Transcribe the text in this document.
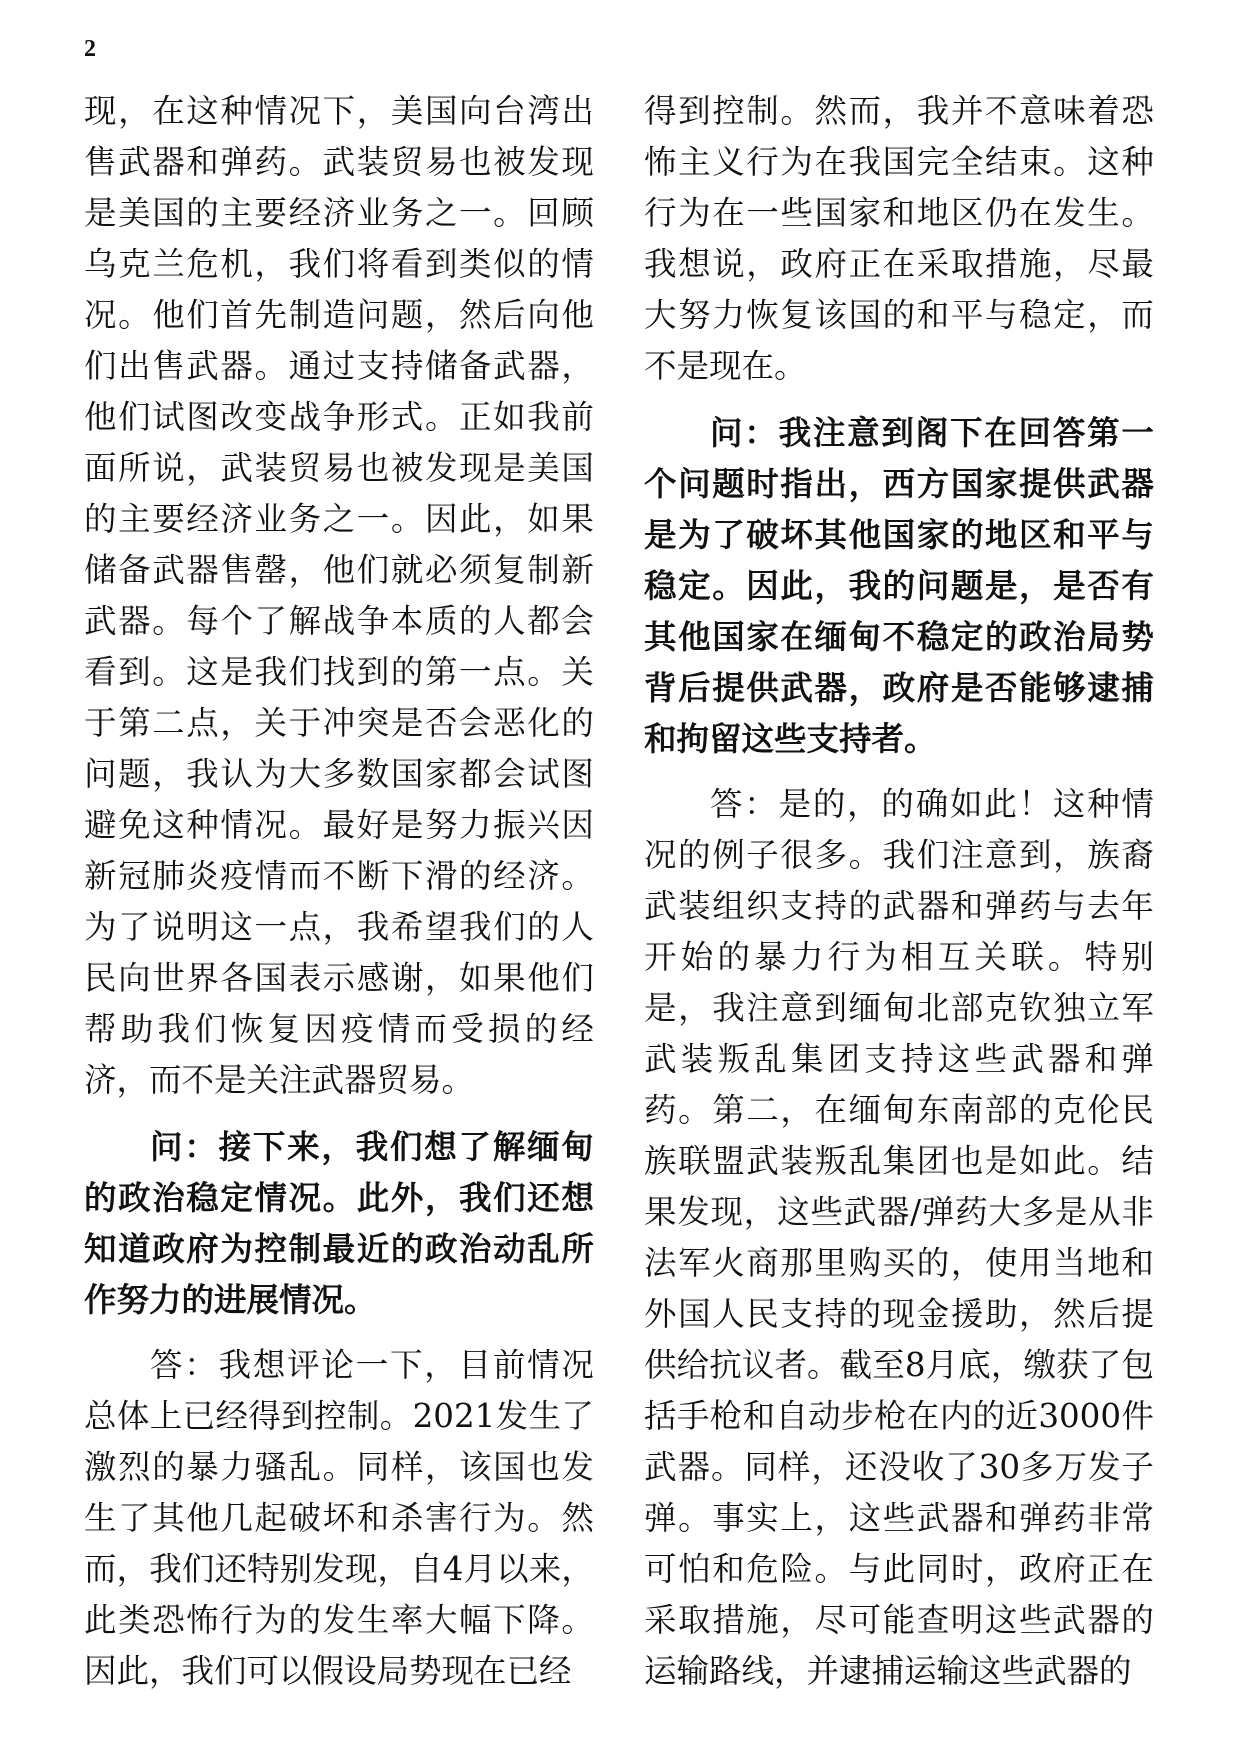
2
现 ， 在 这 种 情 况 下 ， 美 国 向 台 湾 出
售 武 器 和 弹 药 。 武 装 贸 易 也 被 发 现
是 美 国 的 主 要 经 济 业 务 之 一 。 回 顾
乌 克 兰 危 机 ， 我 们 将 看 到 类 似 的 情
况 。 他 们 首 先 制 造 问 题 ， 然 后 向 他
们 出 售 武 器 。 通 过 支 持 储 备 武 器 ，
他 们 试 图 改 变 战 争 形 式 。 正 如 我 前
面 所 说 ， 武 装 贸 易 也 被 发 现 是 美 国
的 主 要 经 济 业 务 之 一 。 因 此 ， 如 果
储 备 武 器 售 罄 ， 他 们 就 必 须 复 制 新
武 器 。 每 个 了 解 战 争 本 质 的 人 都 会
看 到 。 这 是 我 们 找 到 的 第 一 点 。 关
于 第 二 点 ， 关 于 冲 突 是 否 会 恶 化 的
问 题 ， 我 认 为 大 多 数 国 家 都 会 试 图
避 免 这 种 情 况 。 最 好 是 努 力 振 兴 因
新 冠 肺 炎 疫 情 而 不 断 下 滑 的 经 济 。
为 了 说 明 这 一 点 ， 我 希 望 我 们 的 人
民 向 世 界 各 国 表 示 感 谢 ， 如 果 他 们
帮 助 我 们 恢 复 因 疫 情 而 受 损 的 经
济，而不是关注武器贸易。
问 ： 接 下 来 ， 我 们 想 了 解 缅 甸
的 政 治 稳 定 情 况 。 此 外 ， 我 们 还 想
知 道 政 府 为 控 制 最 近 的 政 治 动 乱 所
作努力的进展情况。
答 ： 我 想 评 论 一 下 ， 目 前 情 况
总 体 上 已 经 得 到 控 制 。 2021 发 生 了
激 烈 的 暴 力 骚 乱 。 同 样 ， 该 国 也 发
生 了 其 他 几 起 破 坏 和 杀 害 行 为 。 然
而 ， 我 们 还 特 别 发 现 ， 自 4 月 以 来 ，
此 类 恐 怖 行 为 的 发 生 率 大 幅 下 降 。
因此，我们可以假设局势现在已经
得 到 控 制 。 然 而 ， 我 并 不 意 味 着 恐
怖 主 义 行 为 在 我 国 完 全 结 束 。 这 种
行 为 在 一 些 国 家 和 地 区 仍 在 发 生 。
我 想 说 ， 政 府 正 在 采 取 措 施 ， 尽 最
大 努 力 恢 复 该 国 的 和 平 与 稳 定 ， 而
不是现在。
问 ： 我 注 意 到 阁 下 在 回 答 第 一
个 问 题 时 指 出 ， 西 方 国 家 提 供 武 器
是 为 了 破 坏 其 他 国 家 的 地 区 和 平 与
稳 定 。 因 此 ， 我 的 问 题 是 ， 是 否 有
其 他 国 家 在 缅 甸 不 稳 定 的 政 治 局 势
背 后 提 供 武 器 ， 政 府 是 否 能 够 逮 捕
和拘留这些支持者。
答 ： 是 的 ， 的 确 如 此 ！ 这 种 情
况 的 例 子 很 多 。 我 们 注 意 到 ， 族 裔
武 装 组 织 支 持 的 武 器 和 弹 药 与 去 年
开 始 的 暴 力 行 为 相 互 关 联 。 特 别
是 ， 我 注 意 到 缅 甸 北 部 克 钦 独 立 军
武 装 叛 乱 集 团 支 持 这 些 武 器 和 弹
药 。 第 二 ， 在 缅 甸 东 南 部 的 克 伦 民
族 联 盟 武 装 叛 乱 集 团 也 是 如 此 。 结
果 发 现 ， 这 些 武 器 / 弹 药 大 多 是 从 非
法 军 火 商 那 里 购 买 的 ， 使 用 当 地 和
外 国 人 民 支 持 的 现 金 援 助 ， 然 后 提
供 给 抗 议 者 。 截 至 8 月 底 ， 缴 获 了 包
括 手 枪 和 自 动 步 枪 在 内 的 近 3000 件
武 器 。 同 样 ， 还 没 收 了 30 多 万 发 子
弹 。 事 实 上 ， 这 些 武 器 和 弹 药 非 常
可 怕 和 危 险 。 与 此 同 时 ， 政 府 正 在
采 取 措 施 ， 尽 可 能 查 明 这 些 武 器 的
运输路线，并逮捕运输这些武器的
